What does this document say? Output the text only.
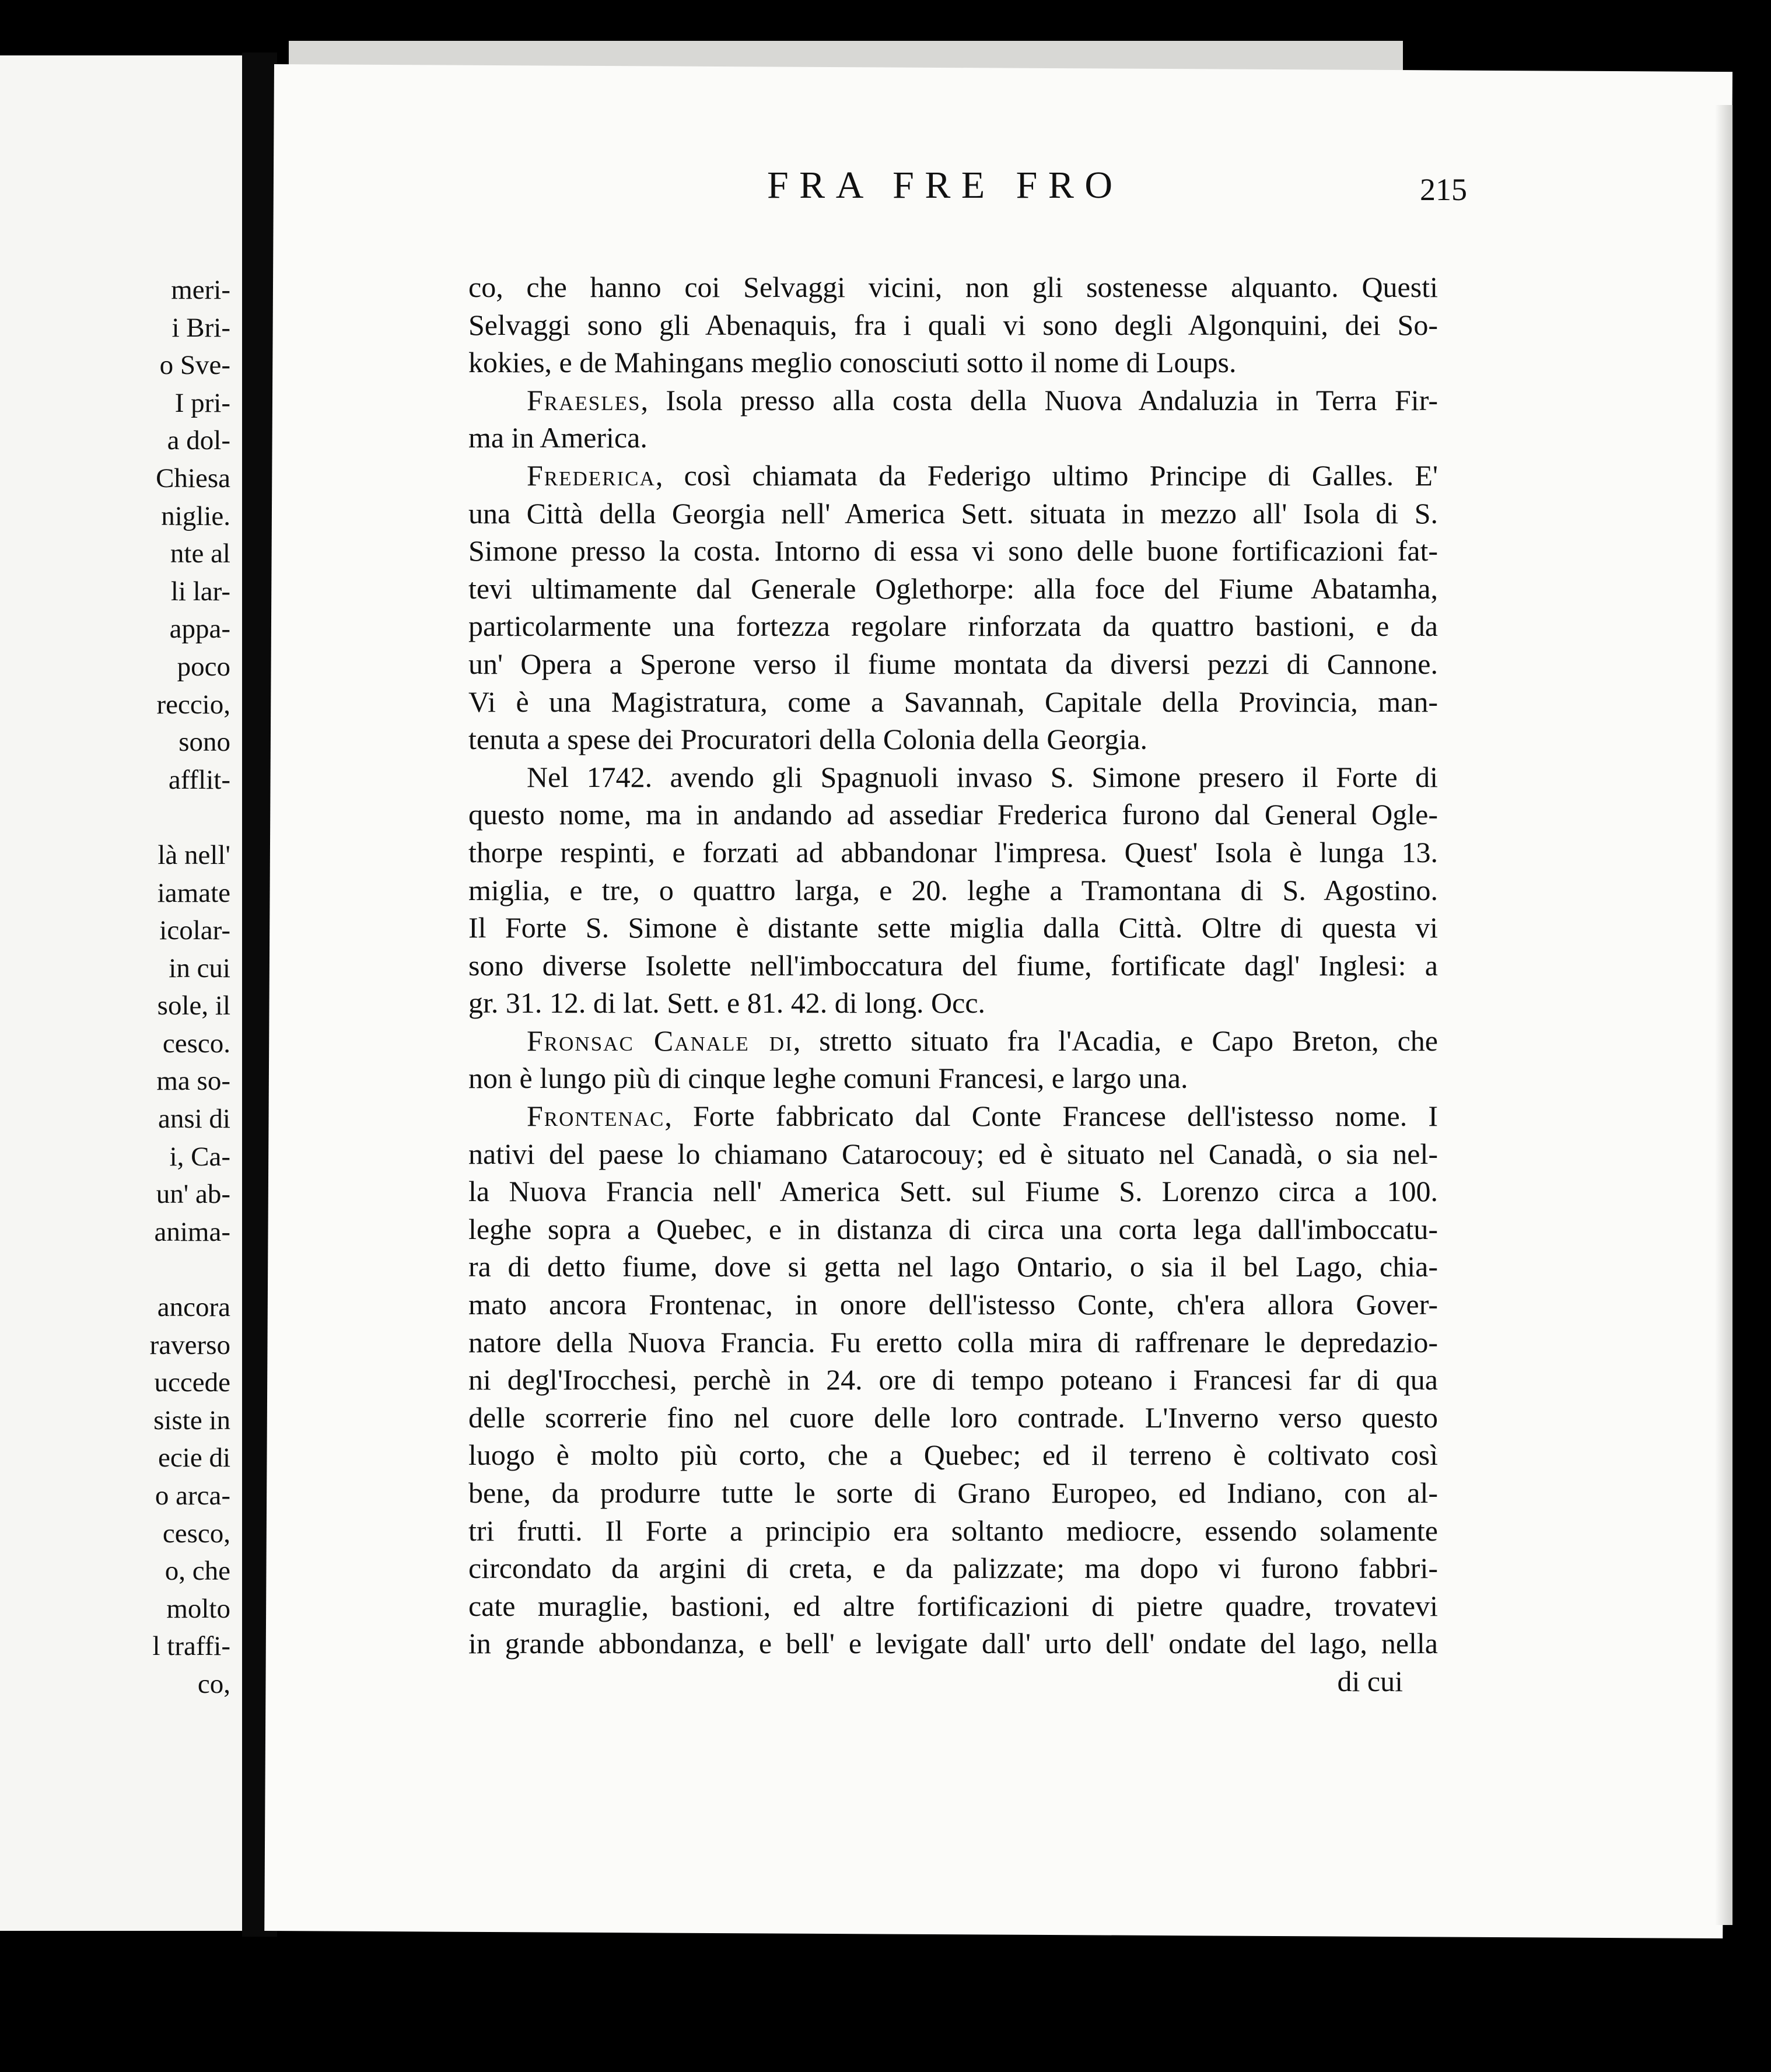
meri-
i Bri-
o Sve-
I pri-
a dol-
Chiesa
niglie.
nte al
li lar-
appa-
poco
reccio,
sono
afflit-
là nell'
iamate
icolar-
in cui
sole, il
cesco.
ma so-
ansi di
i, Ca-
un' ab-
anima-
ancora
raverso
uccede
siste in
ecie di
o arca-
cesco,
o, che
molto
l traffi-
co,
FRA FRE FRO	215
co, che hanno coi Selvaggi vicini, non gli sostenesse alquanto. Questi
Selvaggi sono gli Abenaquis, fra i quali vi sono degli Algonquini, dei So-
kokies, e de Mahingans meglio conosciuti sotto il nome di Loups.
Fraesles, Isola presso alla costa della Nuova Andaluzia in Terra Fir-
ma in America.
Frederica, così chiamata da Federigo ultimo Principe di Galles. E'
una Città della Georgia nell' America Sett. situata in mezzo all' Isola di S.
Simone presso la costa. Intorno di essa vi sono delle buone fortificazioni fat-
tevi ultimamente dal Generale Oglethorpe: alla foce del Fiume Abatamha,
particolarmente una fortezza regolare rinforzata da quattro bastioni, e da
un' Opera a Sperone verso il fiume montata da diversi pezzi di Cannone.
Vi è una Magistratura, come a Savannah, Capitale della Provincia, man-
tenuta a spese dei Procuratori della Colonia della Georgia.
Nel 1742. avendo gli Spagnuoli invaso S. Simone presero il Forte di
questo nome, ma in andando ad assediar Frederica furono dal General Ogle-
thorpe respinti, e forzati ad abbandonar l'impresa. Quest' Isola è lunga 13.
miglia, e tre, o quattro larga, e 20. leghe a Tramontana di S. Agostino.
Il Forte S. Simone è distante sette miglia dalla Città. Oltre di questa vi
sono diverse Isolette nell'imboccatura del fiume, fortificate dagl' Inglesi: a
gr. 31. 12. di lat. Sett. e 81. 42. di long. Occ.
Fronsac Canale di, stretto situato fra l'Acadia, e Capo Breton, che
non è lungo più di cinque leghe comuni Francesi, e largo una.
Frontenac, Forte fabbricato dal Conte Francese dell'istesso nome. I
nativi del paese lo chiamano Catarocouy; ed è situato nel Canadà, o sia nel-
la Nuova Francia nell' America Sett. sul Fiume S. Lorenzo circa a 100.
leghe sopra a Quebec, e in distanza di circa una corta lega dall'imboccatu-
ra di detto fiume, dove si getta nel lago Ontario, o sia il bel Lago, chia-
mato ancora Frontenac, in onore dell'istesso Conte, ch'era allora Gover-
natore della Nuova Francia. Fu eretto colla mira di raffrenare le depredazio-
ni degl'Irocchesi, perchè in 24. ore di tempo poteano i Francesi far di qua
delle scorrerie fino nel cuore delle loro contrade. L'Inverno verso questo
luogo è molto più corto, che a Quebec; ed il terreno è coltivato così
bene, da produrre tutte le sorte di Grano Europeo, ed Indiano, con al-
tri frutti. Il Forte a principio era soltanto mediocre, essendo solamente
circondato da argini di creta, e da palizzate; ma dopo vi furono fabbri-
cate muraglie, bastioni, ed altre fortificazioni di pietre quadre, trovatevi
in grande abbondanza, e bell' e levigate dall' urto dell' ondate del lago, nella
di cui
